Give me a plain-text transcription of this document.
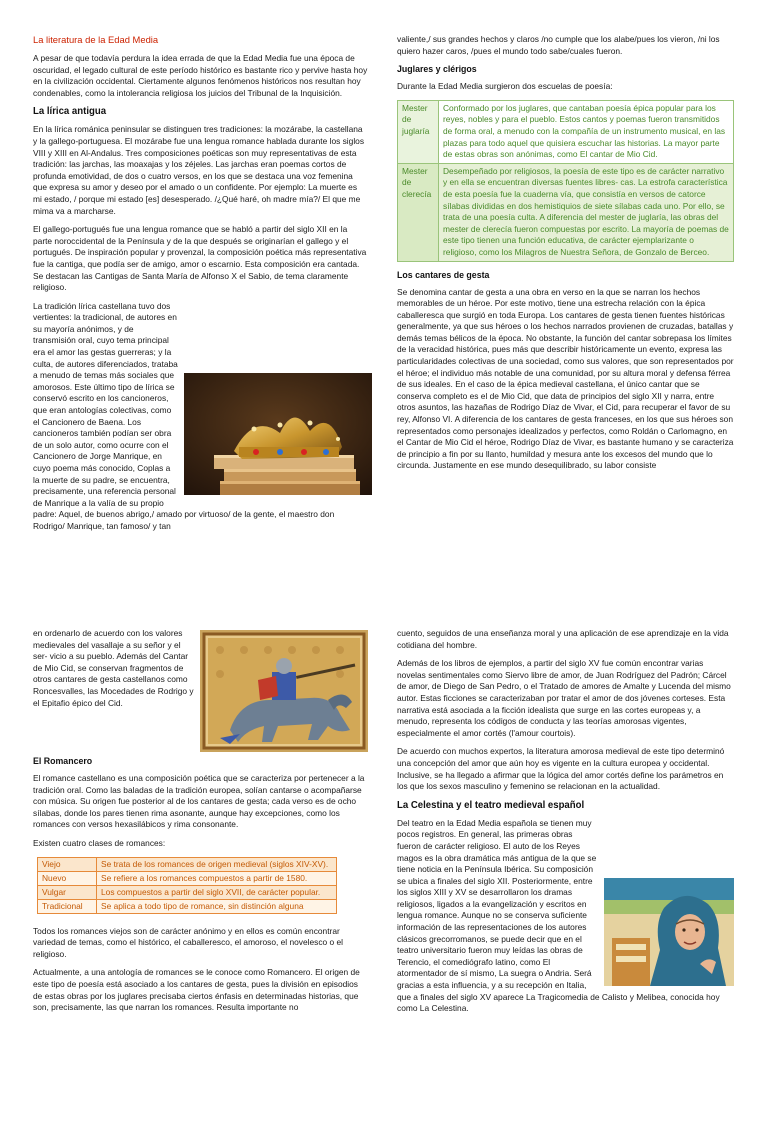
La literatura de la Edad Media

A pesar de que todavía perdura la idea errada de que la Edad Media fue una época de oscuridad, el legado cultural de este período histórico es bastante rico y pervive hasta hoy en la civilización occidental. Ciertamente algunos fenómenos históricos nos resultan hoy condenables, como la intolerancia religiosa los juicios del Tribunal de la Inquisición.

La lírica antigua

En la lírica románica peninsular se distinguen tres tradiciones: la mozárabe, la castellana y la gallego-portuguesa. El mozárabe fue una lengua romance hablada durante los siglos VIII y XIII en Al-Andalus. Tres composiciones poéticas son muy representativas de esta tradición: las jarchas, las moaxajas y los zéjeles. Las jarchas eran poemas cortos de profunda emotividad, de dos o cuatro versos, en los que se destaca una voz femenina que expresa su amor y deseo por el amado o un confidente. Por ejemplo: La muerte es mi estado, / porque mi estado [es] desesperado. /¿Qué haré, oh madre mía?/ El que me mima va a marcharse.

El gallego-portugués fue una lengua romance que se habló a partir del siglo XII en la parte noroccidental de la Península y de la que después se originarían el gallego y el portugués. De inspiración popular y provenzal, la composición poética más representativa fue la cantiga, que podía ser de amigo, amor o escarnio. Esta composición era cantada. Se destacan las Cantigas de Santa María de Alfonso X el Sabio, de tema claramente religioso.

La tradición lírica castellana tuvo dos vertientes: la tradicional, de autores en su mayoría anónimos, y de transmisión oral, cuyo tema principal era el amor las gestas guerreras; y la culta, de autores diferenciados, trataba a menudo de temas más sociales que amorosos. Este último tipo de lírica se conservó escrito en los cancioneros, que eran antologías colectivas, como el Cancionero de Baena. Los cancioneros también podían ser obra de un solo autor, como ocurre con el Cancionero de Jorge Manrique, en cuyo poema más conocido, Coplas a la muerte de su padre, se encuentra, precisamente, una referencia personal de Manrique a la valía de su propio padre: Aquel, de buenos abrigo,/ amado por virtuoso/ de la gente, el maestro don Rodrigo/ Manrique, tan famoso/ y tan

valiente,/ sus grandes hechos y claros /no cumple que los alabe/pues los vieron, /ni los quiero hazer caros, /pues el mundo todo sabe/cuales fueron.

Juglares y clérigos

Durante la Edad Media surgieron dos escuelas de poesía:

Mester de juglaría	Conformado por los juglares, que cantaban poesía épica popular para los reyes, nobles y para el pueblo. Estos cantos y poemas fueron transmitidos de forma oral, a menudo con la compañía de un instrumento musical, en las plazas para todo aquel que quisiera escuchar las historias. La mayor parte de estas obras son anónimas, como El cantar de Mio Cid.
Mester de clerecía	Desempeñado por religiosos, la poesía de este tipo es de carácter narrativo y en ella se encuentran diversas fuentes libres- cas. La estrofa característica de esta poesía fue la cuaderna vía, que consistía en versos de catorce sílabas divididas en dos hemistiquios de siete sílabas cada uno. Por ello, se trata de una poesía culta. A diferencia del mester de juglaría, las obras del mester de clerecía fueron compuestas por escrito. La mayoría de poemas de este tipo tienen una función educativa, de carácter ejemplarizante o religioso, como los Milagros de Nuestra Señora, de Gonzalo de Berceo.
Los cantares de gesta

Se denomina cantar de gesta a una obra en verso en la que se narran los hechos memorables de un héroe. Por este motivo, tiene una estrecha relación con la épica caballeresca que surgió en toda Europa. Los cantares de gesta tienen fuentes históricas generalmente, ya que sus héroes o los hechos narrados provienen de cruzadas, batallas y demás temas bélicos de la época. No obstante, la función del cantar sobrepasa los límites de la veracidad histórica, pues más que describir históricamente un evento, expresa las particularidades colectivas de una sociedad, como sus valores, que son representados por el héroe; el individuo más notable de una comunidad, por su altura moral y defensa férrea de sus ideales. En el caso de la épica medieval castellana, el único cantar que se conserva completo es el de Mio Cid, que data de principios del siglo XII y narra, entre otros asuntos, las hazañas de Rodrigo Díaz de Vivar, el Cid, para recuperar el favor de su rey, Alfonso VI. A diferencia de los cantares de gesta franceses, en los que sus héroes son representados como personajes idealizados y perfectos, como Roldán o Carlomagno, en el Cantar de Mio Cid el héroe, Rodrigo Díaz de Vivar, es bastante humano y se caracteriza de principio a fin por su llanto, humildad y mesura ante los excesos del mundo que lo circunda. Justamente en ese mundo desequilibrado, su labor consiste

en ordenarlo de acuerdo con los valores medievales del vasallaje a su señor y el ser- vicio a su pueblo. Además del Cantar de Mio Cid, se conservan fragmentos de otros cantares de gesta castellanos como Roncesvalles, las Mocedades de Rodrigo y el Epitafio épico del Cid.

El Romancero

El romance castellano es una composición poética que se caracteriza por pertenecer a la tradición oral. Como las baladas de la tradición europea, solían cantarse o acompañarse con música. Su origen fue posterior al de los cantares de gesta; cada verso es de ocho sílabas, donde los pares tienen rima asonante, aunque hay excepciones, como los romances con versos hexasilábicos y rima consonante.

Existen cuatro clases de romances:

Viejo	Se trata de los romances de origen medieval (siglos XIV-XV).
Nuevo	Se refiere a los romances compuestos a partir de 1580.
Vulgar	Los compuestos a partir del siglo XVII, de carácter popular.
Tradicional	Se aplica a todo tipo de romance, sin distinción alguna

Todos los romances viejos son de carácter anónimo y en ellos es común encontrar variedad de temas, como el histórico, el caballeresco, el amoroso, el novelesco o el religioso.

Actualmente, a una antología de romances se le conoce como Romancero. El origen de este tipo de poesía está asociado a los cantares de gesta, pues la división en episodios de estas obras por los juglares precisaba ciertos énfasis en determinadas historias, que son, precisamente, las que narran los romances. Resulta importante no

cuento, seguidos de una enseñanza moral y una aplicación de ese aprendizaje en la vida cotidiana del hombre.

Además de los libros de ejemplos, a partir del siglo XV fue común encontrar varias novelas sentimentales como Siervo libre de amor, de Juan Rodríguez del Padrón; Cárcel de amor, de Diego de San Pedro, o el Tratado de amores de Amalte y Lucenda del mismo autor. Estas ficciones se caracterizaban por tratar el amor de dos jóvenes corteses. Esta narrativa está asociada a la ficción idealista que surge en las cortes europeas y, a menudo, representa los códigos de conducta y las teorías amorosas vigentes, especialmente el amor cortés (l'amour courtois).

De acuerdo con muchos expertos, la literatura amorosa medieval de este tipo determinó una concepción del amor que aún hoy es vigente en la cultura europea y occidental. Inclusive, se ha llegado a afirmar que la lógica del amor cortés define los parámetros en los que los sexos masculino y femenino se relacionan en la actualidad.

La Celestina y el teatro medieval español

Del teatro en la Edad Media española se tienen muy pocos registros. En general, las primeras obras fueron de carácter religioso. El auto de los Reyes magos es la obra dramática más antigua de la que se tiene noticia en la Península Ibérica. Su composición se ubica a finales del siglo XII. Posteriormente, entre los siglos XIII y XV se desarrollaron los dramas religiosos, ligados a la evangelización y escritos en lengua romance. Aunque no se conserva suficiente información de las representaciones de los autores clásicos grecorromanos, se puede decir que en el teatro universitario fueron muy leídas las obras de Terencio, el comediógrafo latino, como El atormentador de sí mismo, La suegra o Andria. Será gracias a esta influencia, y a su recepción en Italia, que a finales del siglo XV aparece La Tragicomedia de Calisto y Melibea, conocida hoy como La Celestina.
